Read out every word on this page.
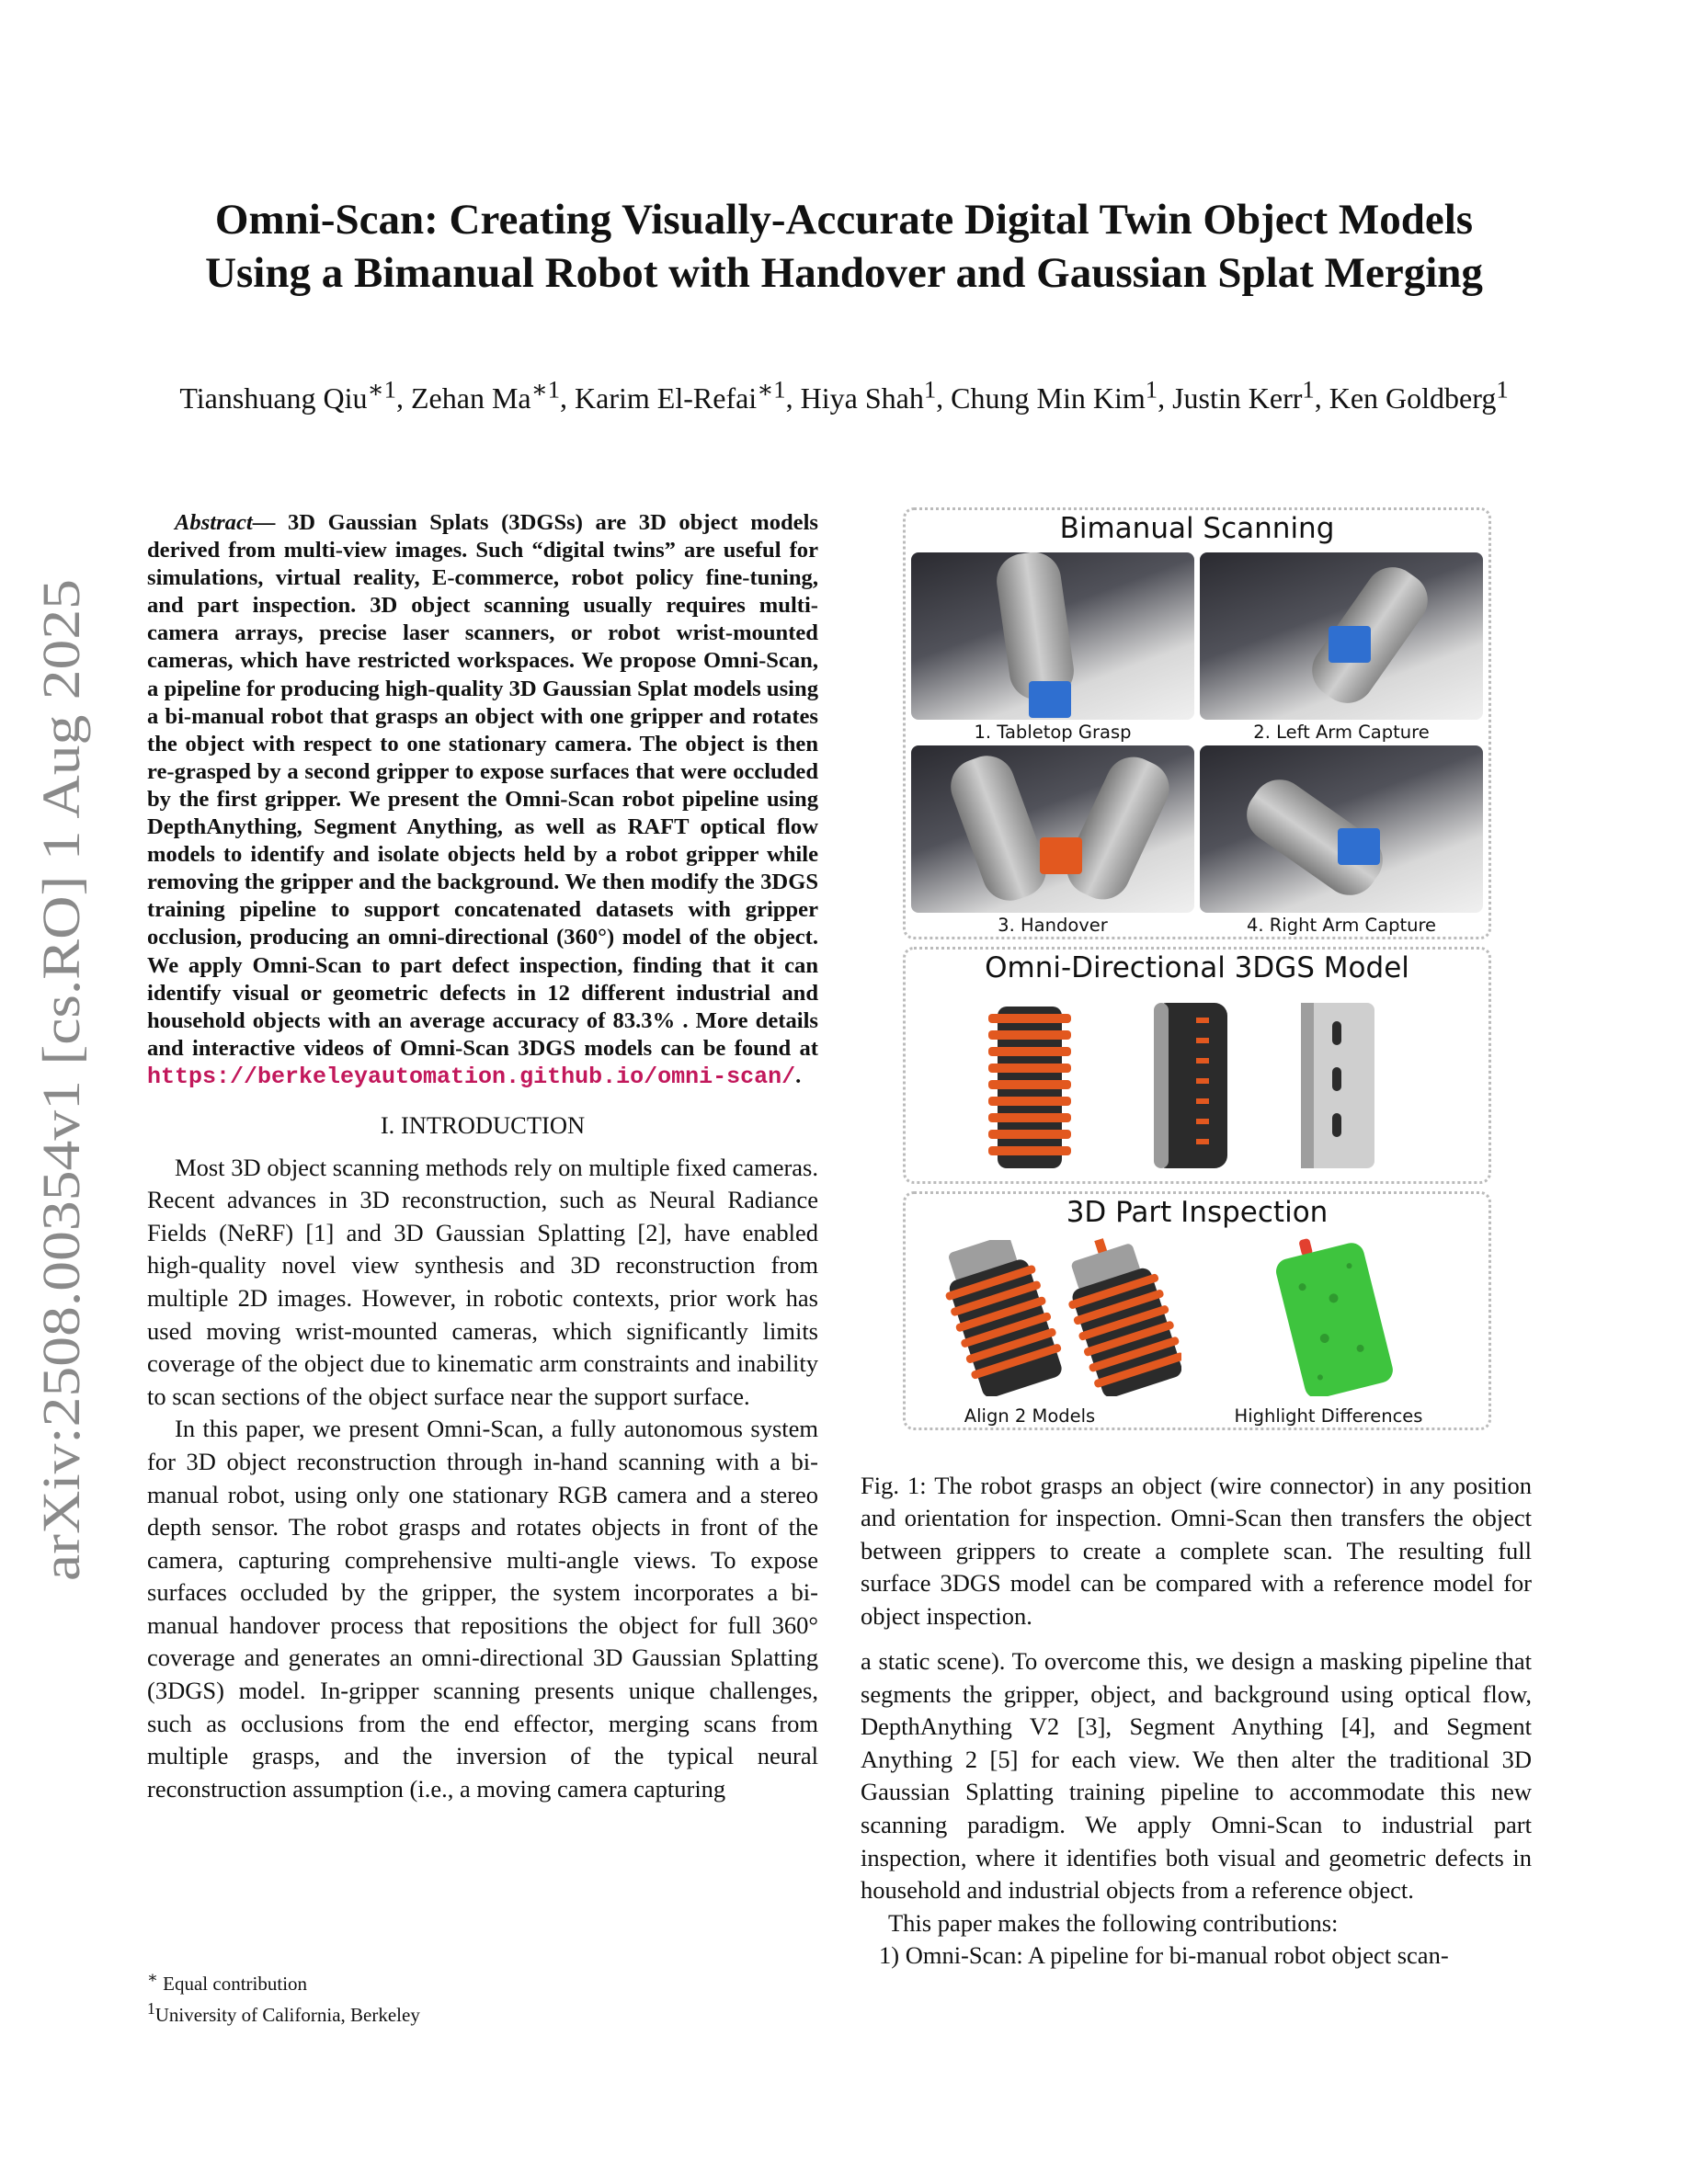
arXiv:2508.00354v1 [cs.RO] 1 Aug 2025
Omni-Scan: Creating Visually-Accurate Digital Twin Object Models
Using a Bimanual Robot with Handover and Gaussian Splat Merging
Tianshuang Qiu$^{∗1}$, Zehan $Ma^{∗1}$, Karim El-Refai$^{∗1}$, Hiya Shah$^1$, Chung Min Kim$^1$, Justin Kerr$^1$, Ken Goldberg$^1$

Abstract— 3D Gaussian Splats (3DGSs) are 3D object models derived from multi-view images. Such “digital twins” are useful for simulations, virtual reality, E-commerce, robot policy fine-tuning, and part inspection. 3D object scanning usually requires multi-camera arrays, precise laser scanners, or robot wrist-mounted cameras, which have restricted workspaces. We propose Omni-Scan, a pipeline for producing high-quality 3D Gaussian Splat models using a bi-manual robot that grasps an object with one gripper and rotates the object with respect to one stationary camera. The object is then re-grasped by a second gripper to expose surfaces that were occluded by the first gripper. We present the Omni-Scan robot pipeline using DepthAnything, Segment Anything, as well as RAFT optical flow models to identify and isolate objects held by a robot gripper while removing the gripper and the background. We then modify the 3DGS training pipeline to support concatenated datasets with gripper occlusion, producing an omni-directional (360°) model of the object. We apply Omni-Scan to part defect inspection, finding that it can identify visual or geometric defects in 12 different industrial and household objects with an average accuracy of 83.3% . More details and interactive videos of Omni-Scan 3DGS models can be found at https://berkeleyautomation.github.io/omni-scan/.

I. INTRODUCTION

Most 3D object scanning methods rely on multiple fixed cameras. Recent advances in 3D reconstruction, such as Neural Radiance Fields (NeRF) [1] and 3D Gaussian Splatting [2], have enabled high-quality novel view synthesis and 3D reconstruction from multiple 2D images. However, in robotic contexts, prior work has used moving wrist-mounted cameras, which significantly limits coverage of the object due to kinematic arm constraints and inability to scan sections of the object surface near the support surface.

In this paper, we present Omni-Scan, a fully autonomous system for 3D object reconstruction through in-hand scanning with a bi-manual robot, using only one stationary RGB camera and a stereo depth sensor. The robot grasps and rotates objects in front of the camera, capturing comprehensive multi-angle views. To expose surfaces occluded by the gripper, the system incorporates a bi-manual handover process that repositions the object for full 360° coverage and generates an omni-directional 3D Gaussian Splatting (3DGS) model. In-gripper scanning presents unique challenges, such as occlusions from the end effector, merging scans from multiple grasps, and the inversion of the typical neural reconstruction assumption (i.e., a moving camera capturing

∗ Equal contribution
$^1$University of California, Berkeley
Bimanual Scanning
1. Tabletop Grasp	2. Left Arm Capture
3. Handover	4. Right Arm Capture
Omni-Directional 3DGS Model
3D Part Inspection
Align 2 Models	Highlight Differences

Fig. 1: The robot grasps an object (wire connector) in any position and orientation for inspection. Omni-Scan then transfers the object between grippers to create a complete scan. The resulting full surface 3DGS model can be compared with a reference model for object inspection.

a static scene). To overcome this, we design a masking pipeline that segments the gripper, object, and background using optical flow, DepthAnything V2 [3], Segment Anything [4], and Segment Anything 2 [5] for each view. We then alter the traditional 3D Gaussian Splatting training pipeline to accommodate this new scanning paradigm. We apply Omni-Scan to industrial part inspection, where it identifies both visual and geometric defects in household and industrial objects from a reference object.

This paper makes the following contributions:

1) Omni-Scan: A pipeline for bi-manual robot object scan-
